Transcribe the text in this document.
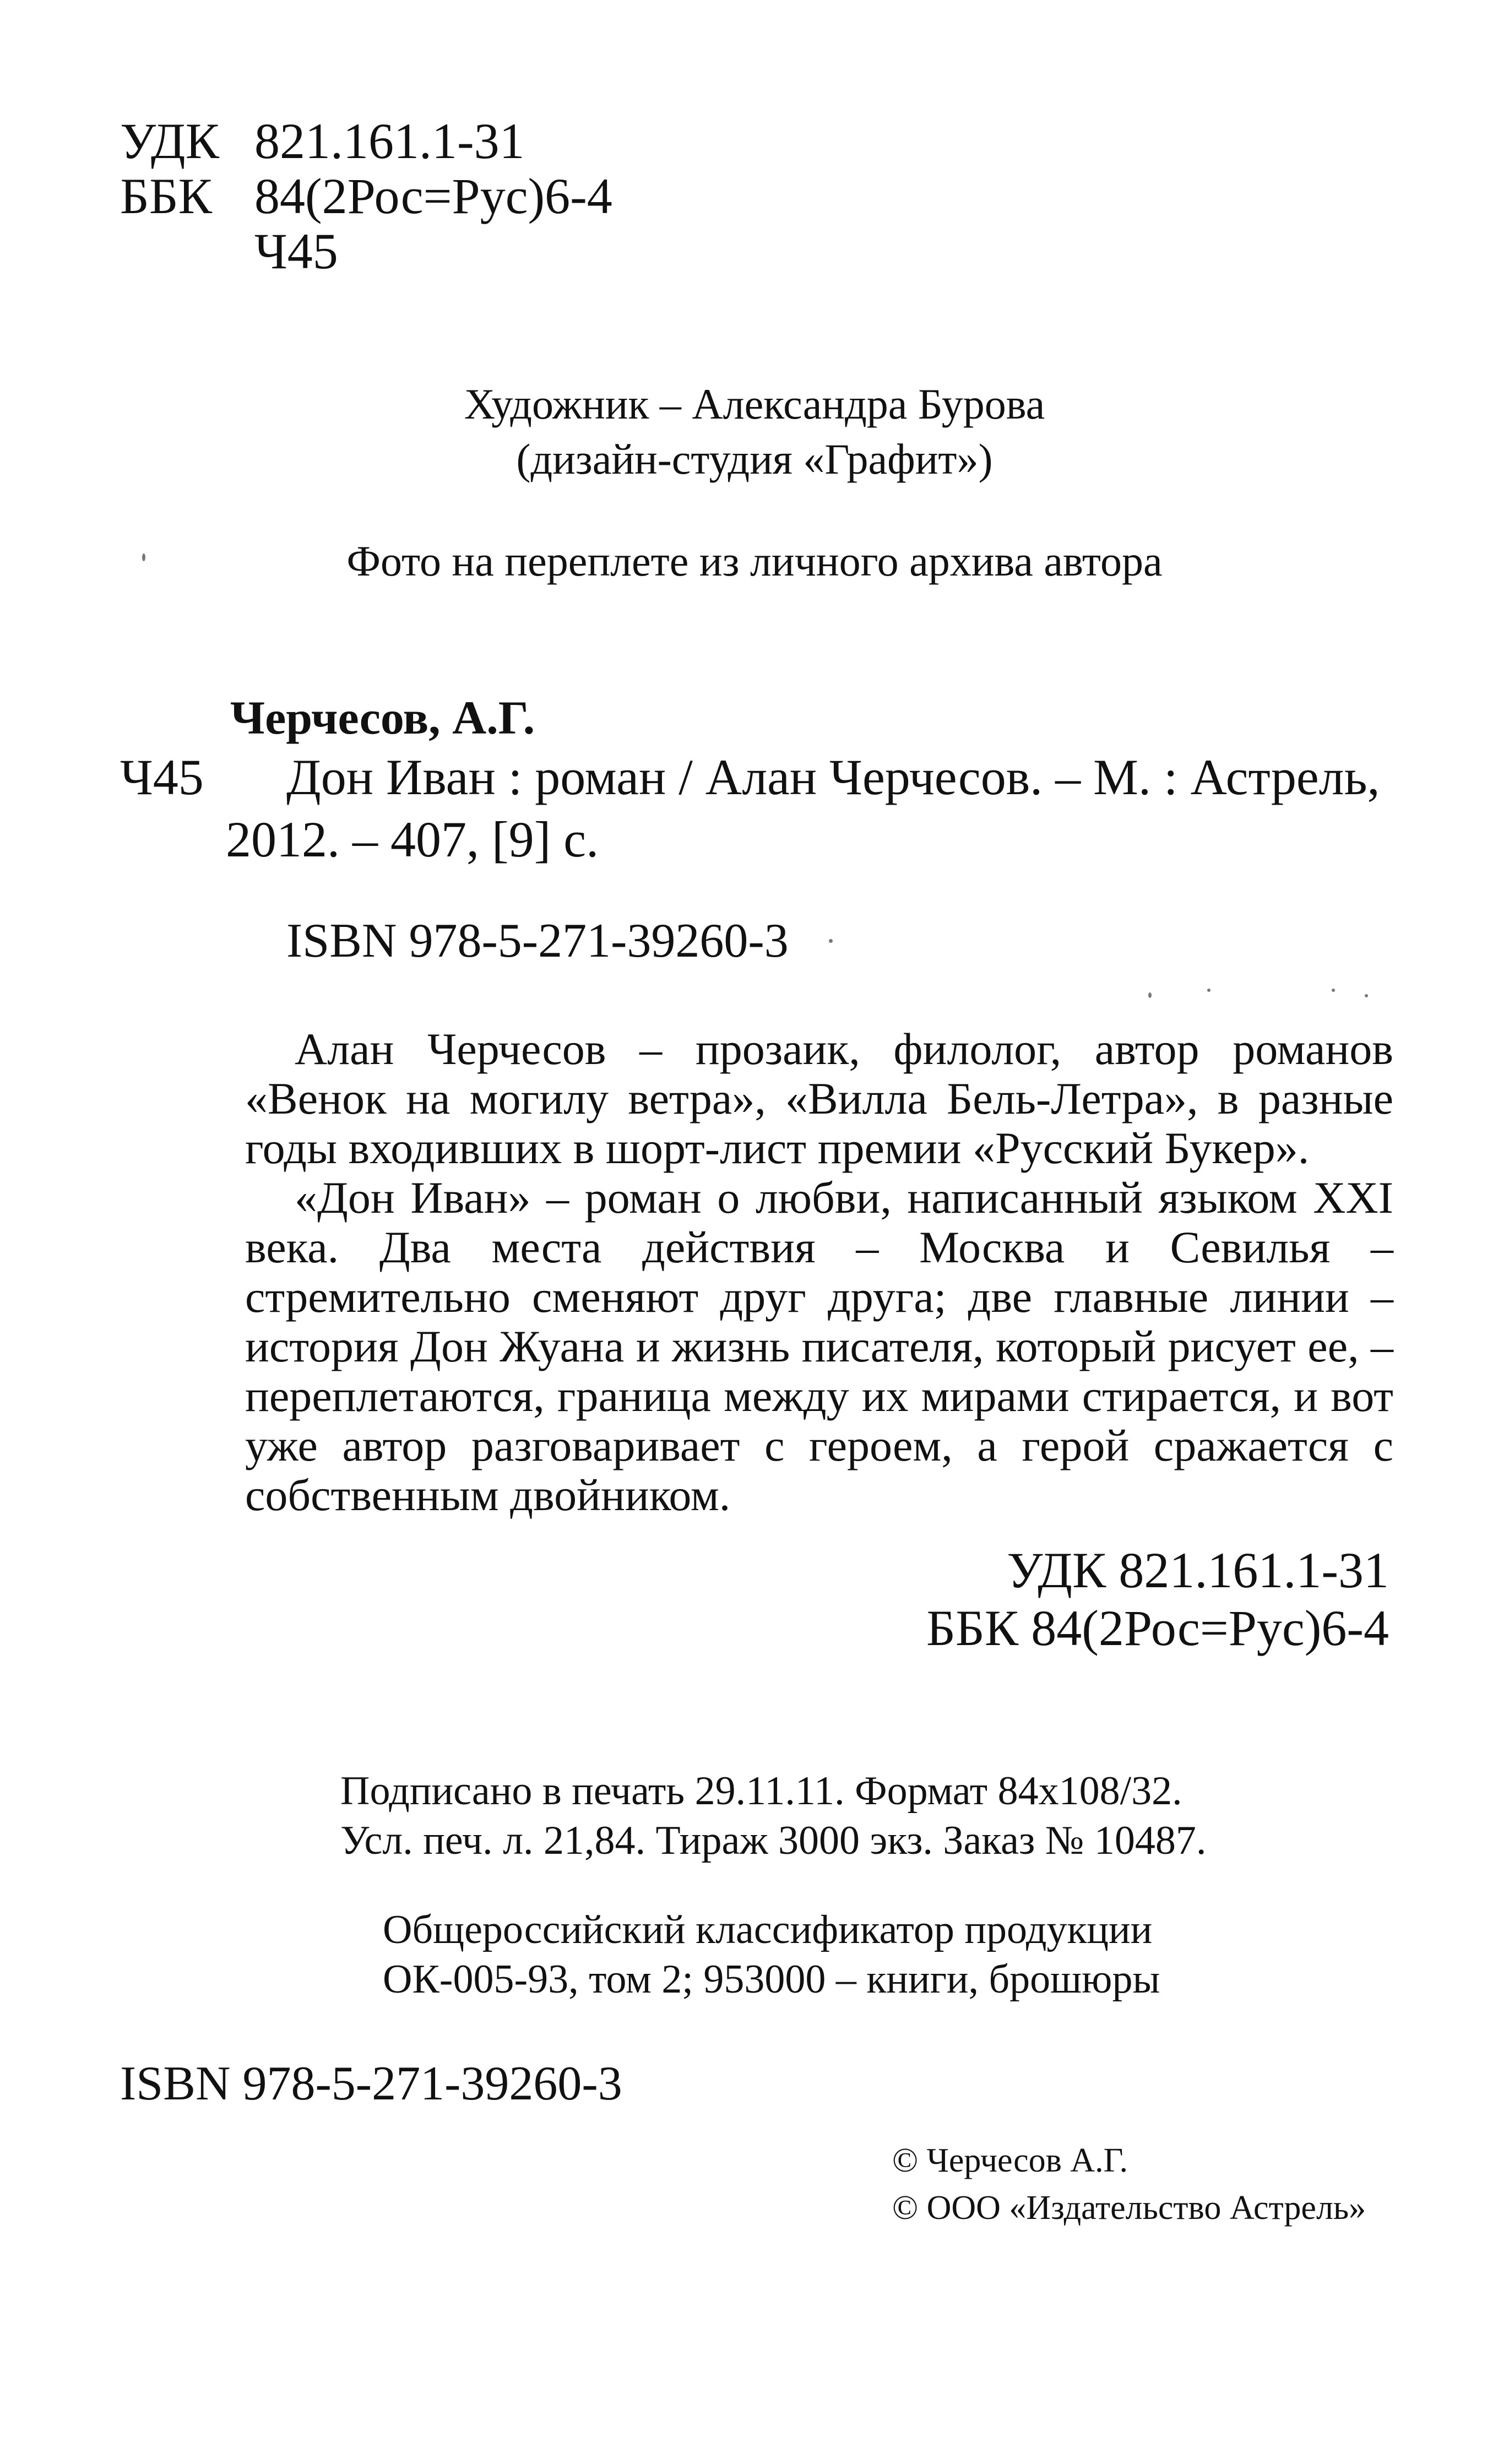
УДК 821.161.1-31
ББК 84(2Рос=Рус)6-4
Ч45
Художник – Александра Бурова
(дизайн-студия «Графит»)
Фото на переплете из личного архива автора
Черчесов, А.Г.
Ч45 Дон Иван : роман / Алан Черчесов. – М. : Астрель,
2012. – 407, [9] с.
ISBN 978-5-271-39260-3

Алан Черчесов – прозаик, филолог, автор романов «Венок на могилу ветра», «Вилла Бель-Летра», в разные годы входивших в шорт-лист премии «Русский Букер».

«Дон Иван» – роман о любви, написанный языком XXI века. Два места действия – Москва и Севилья – стремительно сменяют друг друга; две главные линии – история Дон Жуана и жизнь писателя, который рисует ее, – переплетаются, граница между их мирами стирается, и вот уже автор разговаривает с героем, а герой сражается с собственным двойником.

УДК 821.161.1-31
ББК 84(2Рос=Рус)6-4
Подписано в печать 29.11.11. Формат 84x108/32.
Усл. печ. л. 21,84. Тираж 3000 экз. Заказ № 10487.
Общероссийский классификатор продукции
ОК-005-93, том 2; 953000 – книги, брошюры
ISBN 978-5-271-39260-3
© Черчесов А.Г.
© ООО «Издательство Астрель»
